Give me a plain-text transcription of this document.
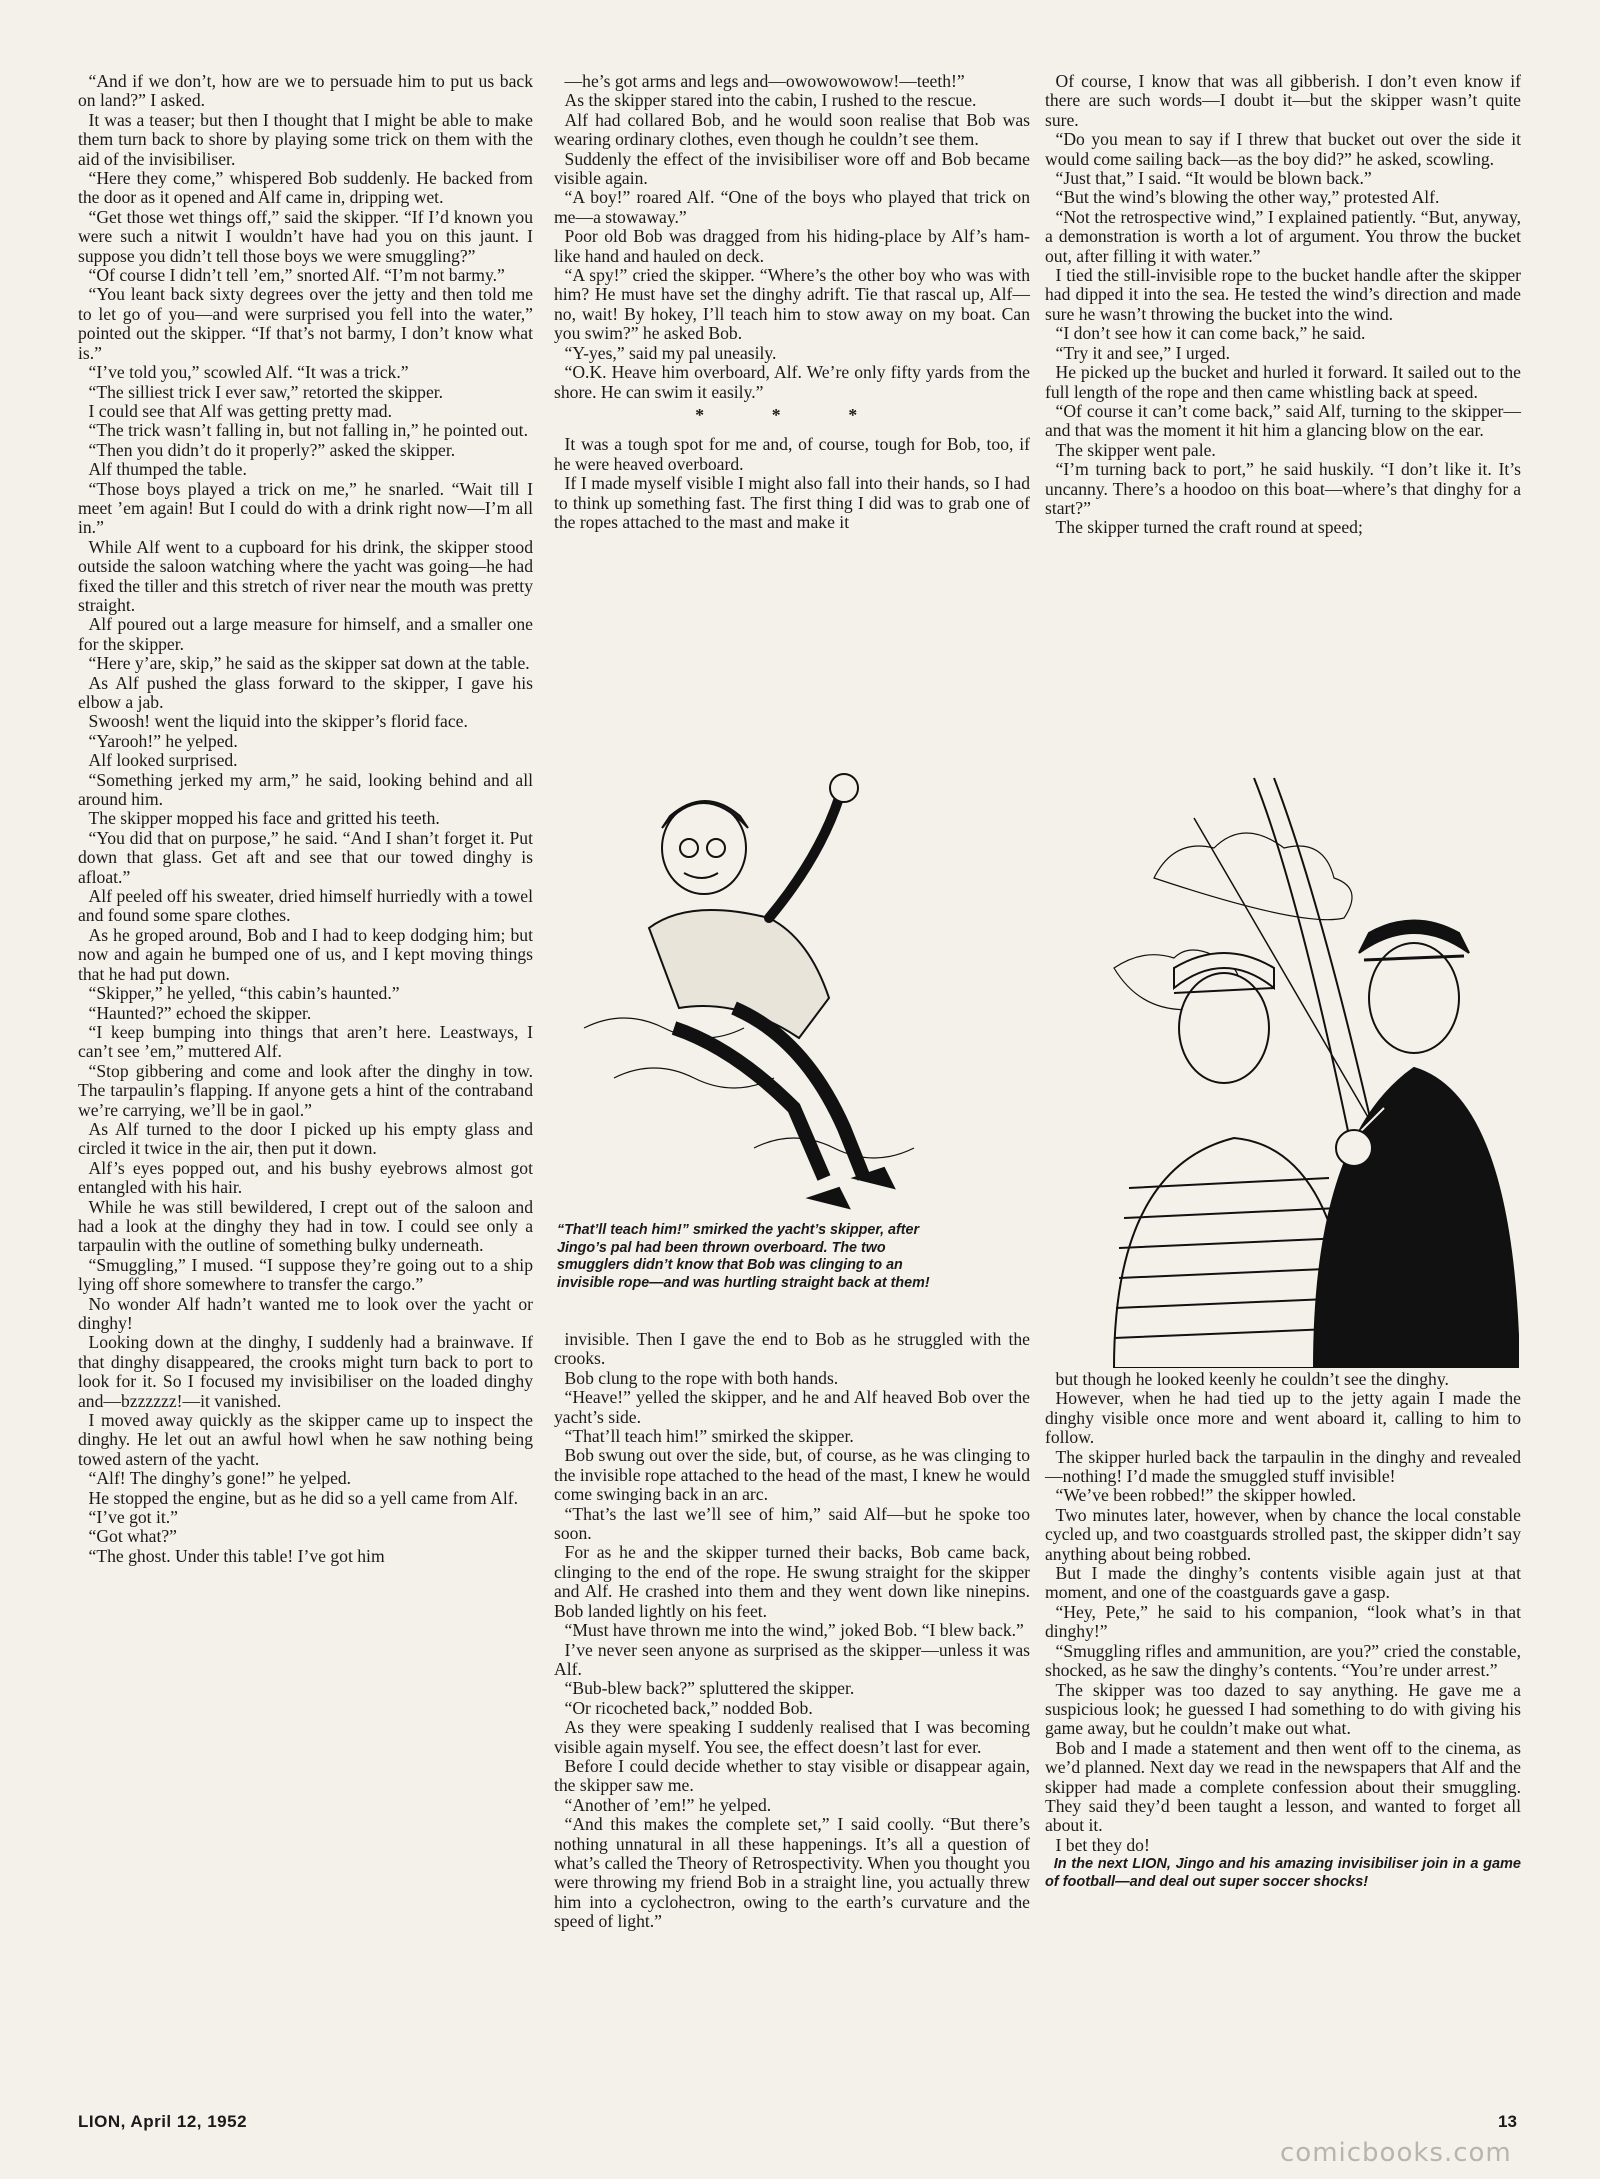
“And if we don’t, how are we to persuade him to put us back on land?” I asked.

It was a teaser; but then I thought that I might be able to make them turn back to shore by playing some trick on them with the aid of the invisibiliser.

“Here they come,” whispered Bob suddenly. He backed from the door as it opened and Alf came in, dripping wet.

“Get those wet things off,” said the skipper. “If I’d known you were such a nitwit I wouldn’t have had you on this jaunt. I suppose you didn’t tell those boys we were smuggling?”

“Of course I didn’t tell ’em,” snorted Alf. “I’m not barmy.”

“You leant back sixty degrees over the jetty and then told me to let go of you—and were surprised you fell into the water,” pointed out the skipper. “If that’s not barmy, I don’t know what is.”

“I’ve told you,” scowled Alf. “It was a trick.”

“The silliest trick I ever saw,” retorted the skipper.

I could see that Alf was getting pretty mad.

“The trick wasn’t falling in, but not falling in,” he pointed out.

“Then you didn’t do it properly?” asked the skipper.

Alf thumped the table.

“Those boys played a trick on me,” he snarled. “Wait till I meet ’em again! But I could do with a drink right now—I’m all in.”

While Alf went to a cupboard for his drink, the skipper stood outside the saloon watching where the yacht was going—he had fixed the tiller and this stretch of river near the mouth was pretty straight.

Alf poured out a large measure for himself, and a smaller one for the skipper.

“Here y’are, skip,” he said as the skipper sat down at the table.

As Alf pushed the glass forward to the skipper, I gave his elbow a jab.

Swoosh! went the liquid into the skipper’s florid face.

“Yarooh!” he yelped.

Alf looked surprised.

“Something jerked my arm,” he said, looking behind and all around him.

The skipper mopped his face and gritted his teeth.

“You did that on purpose,” he said. “And I shan’t forget it. Put down that glass. Get aft and see that our towed dinghy is afloat.”

Alf peeled off his sweater, dried himself hurriedly with a towel and found some spare clothes.

As he groped around, Bob and I had to keep dodging him; but now and again he bumped one of us, and I kept moving things that he had put down.

“Skipper,” he yelled, “this cabin’s haunted.”

“Haunted?” echoed the skipper.

“I keep bumping into things that aren’t here. Leastways, I can’t see ’em,” muttered Alf.

“Stop gibbering and come and look after the dinghy in tow. The tarpaulin’s flapping. If anyone gets a hint of the contraband we’re carrying, we’ll be in gaol.”

As Alf turned to the door I picked up his empty glass and circled it twice in the air, then put it down.

Alf’s eyes popped out, and his bushy eyebrows almost got entangled with his hair.

While he was still bewildered, I crept out of the saloon and had a look at the dinghy they had in tow. I could see only a tarpaulin with the outline of something bulky underneath.

“Smuggling,” I mused. “I suppose they’re going out to a ship lying off shore somewhere to transfer the cargo.”

No wonder Alf hadn’t wanted me to look over the yacht or dinghy!

Looking down at the dinghy, I suddenly had a brainwave. If that dinghy disappeared, the crooks might turn back to port to look for it. So I focused my invisibiliser on the loaded dinghy and—bzzzzzz!—it vanished.

I moved away quickly as the skipper came up to inspect the dinghy. He let out an awful howl when he saw nothing being towed astern of the yacht.

“Alf! The dinghy’s gone!” he yelped.

He stopped the engine, but as he did so a yell came from Alf.

“I’ve got it.”

“Got what?”

“The ghost. Under this table! I’ve got him

—he’s got arms and legs and—owowowowow!—teeth!”

As the skipper stared into the cabin, I rushed to the rescue.

Alf had collared Bob, and he would soon realise that Bob was wearing ordinary clothes, even though he couldn’t see them.

Suddenly the effect of the invisibiliser wore off and Bob became visible again.

“A boy!” roared Alf. “One of the boys who played that trick on me—a stowaway.”

Poor old Bob was dragged from his hiding-place by Alf’s ham-like hand and hauled on deck.

“A spy!” cried the skipper. “Where’s the other boy who was with him? He must have set the dinghy adrift. Tie that rascal up, Alf—no, wait! By hokey, I’ll teach him to stow away on my boat. Can you swim?” he asked Bob.

“Y-yes,” said my pal uneasily.

“O.K. Heave him overboard, Alf. We’re only fifty yards from the shore. He can swim it easily.”

* * *

It was a tough spot for me and, of course, tough for Bob, too, if he were heaved overboard.

If I made myself visible I might also fall into their hands, so I had to think up something fast. The first thing I did was to grab one of the ropes attached to the mast and make it

Of course, I know that was all gibberish. I don’t even know if there are such words—I doubt it—but the skipper wasn’t quite sure.

“Do you mean to say if I threw that bucket out over the side it would come sailing back—as the boy did?” he asked, scowling.

“Just that,” I said. “It would be blown back.”

“But the wind’s blowing the other way,” protested Alf.

“Not the retrospective wind,” I explained patiently. “But, anyway, a demonstration is worth a lot of argument. You throw the bucket out, after filling it with water.”

I tied the still-invisible rope to the bucket handle after the skipper had dipped it into the sea. He tested the wind’s direction and made sure he wasn’t throwing the bucket into the wind.

“I don’t see how it can come back,” he said.

“Try it and see,” I urged.

He picked up the bucket and hurled it forward. It sailed out to the full length of the rope and then came whistling back at speed.

“Of course it can’t come back,” said Alf, turning to the skipper—and that was the moment it hit him a glancing blow on the ear.

The skipper went pale.

“I’m turning back to port,” he said huskily. “I don’t like it. It’s uncanny. There’s a hoodoo on this boat—where’s that dinghy for a start?”

The skipper turned the craft round at speed;

“That’ll teach him!” smirked the yacht’s skipper, after Jingo’s pal had been thrown overboard. The two smugglers didn’t know that Bob was clinging to an invisible rope—and was hurtling straight back at them!

invisible. Then I gave the end to Bob as he struggled with the crooks.

Bob clung to the rope with both hands.

“Heave!” yelled the skipper, and he and Alf heaved Bob over the yacht’s side.

“That’ll teach him!” smirked the skipper.

Bob swung out over the side, but, of course, as he was clinging to the invisible rope attached to the head of the mast, I knew he would come swinging back in an arc.

“That’s the last we’ll see of him,” said Alf—but he spoke too soon.

For as he and the skipper turned their backs, Bob came back, clinging to the end of the rope. He swung straight for the skipper and Alf. He crashed into them and they went down like ninepins. Bob landed lightly on his feet.

“Must have thrown me into the wind,” joked Bob. “I blew back.”

I’ve never seen anyone as surprised as the skipper—unless it was Alf.

“Bub-blew back?” spluttered the skipper.

“Or ricocheted back,” nodded Bob.

As they were speaking I suddenly realised that I was becoming visible again myself. You see, the effect doesn’t last for ever.

Before I could decide whether to stay visible or disappear again, the skipper saw me.

“Another of ’em!” he yelped.

“And this makes the complete set,” I said coolly. “But there’s nothing unnatural in all these happenings. It’s all a question of what’s called the Theory of Retrospectivity. When you thought you were throwing my friend Bob in a straight line, you actually threw him into a cyclohectron, owing to the earth’s curvature and the speed of light.”

but though he looked keenly he couldn’t see the dinghy.

However, when he had tied up to the jetty again I made the dinghy visible once more and went aboard it, calling to him to follow.

The skipper hurled back the tarpaulin in the dinghy and revealed—nothing! I’d made the smuggled stuff invisible!

“We’ve been robbed!” the skipper howled.

Two minutes later, however, when by chance the local constable cycled up, and two coastguards strolled past, the skipper didn’t say anything about being robbed.

But I made the dinghy’s contents visible again just at that moment, and one of the coastguards gave a gasp.

“Hey, Pete,” he said to his companion, “look what’s in that dinghy!”

“Smuggling rifles and ammunition, are you?” cried the constable, shocked, as he saw the dinghy’s contents. “You’re under arrest.”

The skipper was too dazed to say anything. He gave me a suspicious look; he guessed I had something to do with giving his game away, but he couldn’t make out what.

Bob and I made a statement and then went off to the cinema, as we’d planned. Next day we read in the newspapers that Alf and the skipper had made a complete confession about their smuggling. They said they’d been taught a lesson, and wanted to forget all about it.

I bet they do!

In the next LION, Jingo and his amazing invisibiliser join in a game of football—and deal out super soccer shocks!

LION, April 12, 1952	13
comicbooks.com
